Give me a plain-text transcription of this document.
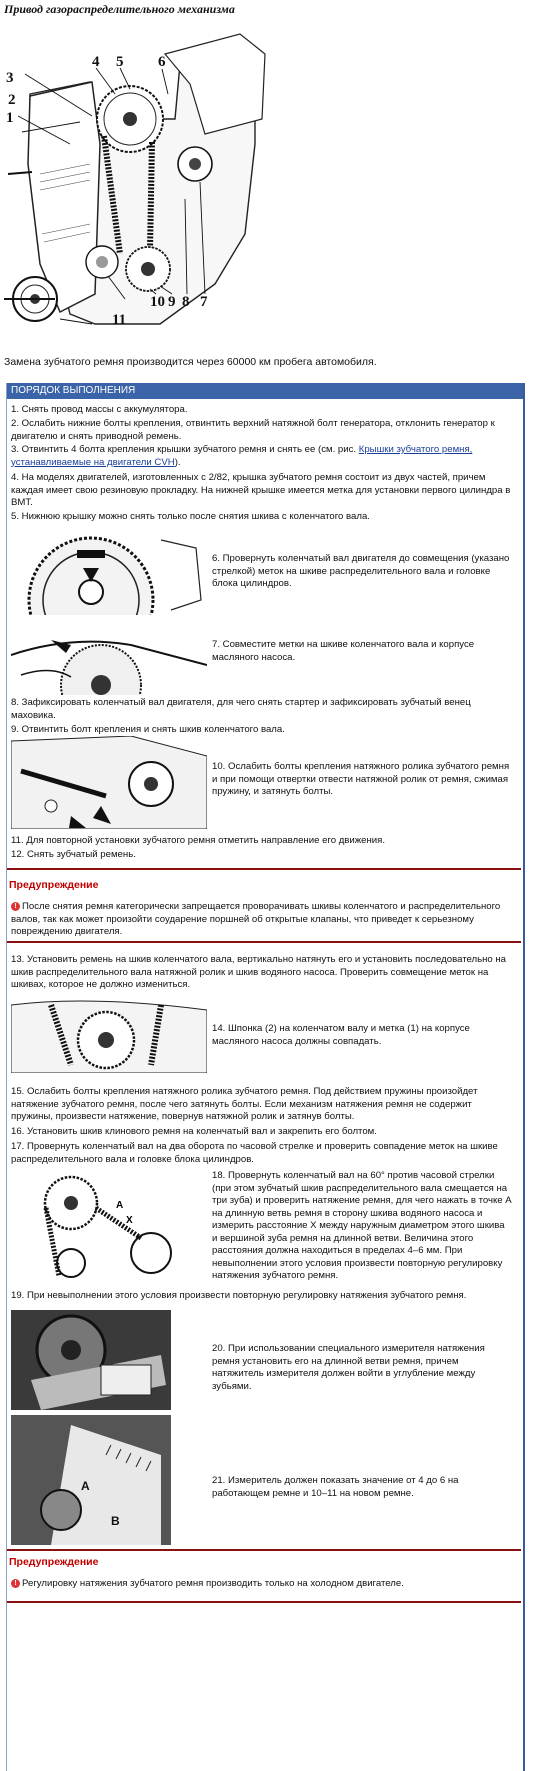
Привод газораспределительного механизма
1
2
3
4 5 6
7
8
9
10
11
Замена зубчатого ремня производится через 60000 км пробега автомобиля.
ПОРЯДОК ВЫПОЛНЕНИЯ
1. Снять провод массы с аккумулятора.
2. Ослабить нижние болты крепления, отвинтить верхний натяжной болт генератора, отклонить генератор к двигателю и снять приводной ремень.
3. Отвинтить 4 болта крепления крышки зубчатого ремня и снять ее (см. рис. Крышки зубчатого ремня, устанавливаемые на двигатели CVH).
4. На моделях двигателей, изготовленных с 2/82, крышка зубчатого ремня состоит из двух частей, причем каждая имеет свою резиновую прокладку. На нижней крышке имеется метка для установки первого цилиндра в ВМТ.
5. Нижнюю крышку можно снять только после снятия шкива с коленчатого вала.
6. Провернуть коленчатый вал двигателя до совмещения (указано стрелкой) меток на шкиве распределительного вала и головке блока цилиндров.
7. Совместите метки на шкиве коленчатого вала и корпусе масляного насоса.
8. Зафиксировать коленчатый вал двигателя, для чего снять стартер и зафиксировать зубчатый венец маховика.
9. Отвинтить болт крепления и снять шкив коленчатого вала.
10. Ослабить болты крепления натяжного ролика зубчатого ремня и при помощи отвертки отвести натяжной ролик от ремня, сжимая пружину, и затянуть болты.
11. Для повторной установки зубчатого ремня отметить направление его движения.
12. Снять зубчатый ремень.
Предупреждение
! После снятия ремня категорически запрещается проворачивать шкивы коленчатого и распределительного валов, так как может произойти соударение поршней об открытые клапаны, что приведет к серьезному повреждению двигателя.
13. Установить ремень на шкив коленчатого вала, вертикально натянуть его и установить последовательно на шкив распределительного вала натяжной ролик и шкив водяного насоса. Проверить совмещение меток на шкивах, которое не должно измениться.
14. Шпонка (2) на коленчатом валу и метка (1) на корпусе масляного насоса должны совпадать.
15. Ослабить болты крепления натяжного ролика зубчатого ремня. Под действием пружины произойдет натяжение зубчатого ремня, после чего затянуть болты. Если механизм натяжения ремня не содержит пружины, произвести натяжение, повернув натяжной ролик и затянув болты.
16. Установить шкив клинового ремня на коленчатый вал и закрепить его болтом.
17. Провернуть коленчатый вал на два оборота по часовой стрелке и проверить совпадение меток на шкиве распределительного вала и головке блока цилиндров.
А
X
18. Провернуть коленчатый вал на 60° против часовой стрелки (при этом зубчатый шкив распределительного вала смещается на три зуба) и проверить натяжение ремня, для чего нажать в точке А на длинную ветвь ремня в сторону шкива водяного насоса и измерить расстояние X между наружным диаметром этого шкива и вершиной зуба ремня на длинной ветви. Величина этого расстояния должна находиться в пределах 4–6 мм. При невыполнении этого условия произвести повторную регулировку натяжения зубчатого ремня.
19. При невыполнении этого условия произвести повторную регулировку натяжения зубчатого ремня.
20. При использовании специального измерителя натяжения ремня установить его на длинной ветви ремня, причем натяжитель измерителя должен войти в углубление между зубьями.
А
B
21. Измеритель должен показать значение от 4 до 6 на работающем ремне и 10–11 на новом ремне.
Предупреждение
! Регулировку натяжения зубчатого ремня производить только на холодном двигателе.
